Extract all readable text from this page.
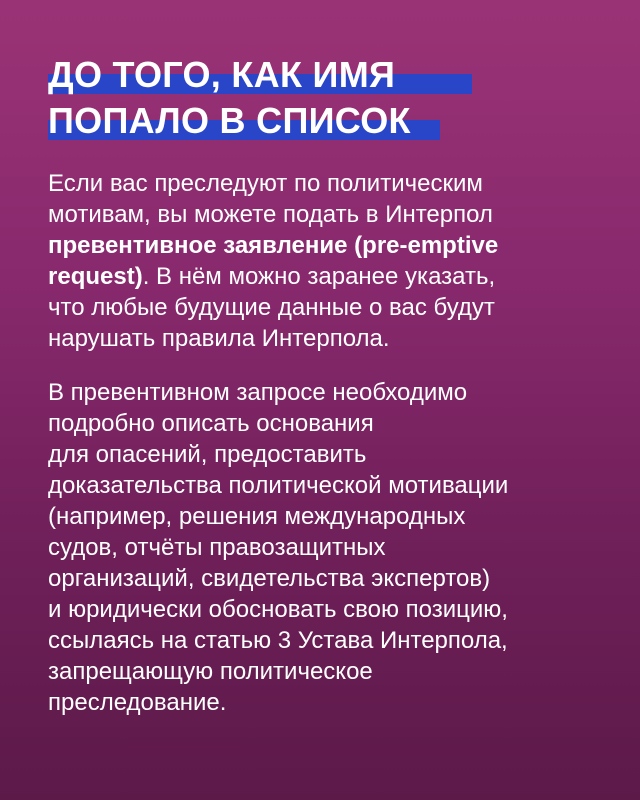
ДО ТОГО, КАК ИМЯ
ПОПАЛО В СПИСОК

Если вас преследуют по политическим
мотивам, вы можете подать в Интерпол
превентивное заявление (pre-emptive
request). В нём можно заранее указать,
что любые будущие данные о вас будут
нарушать правила Интерпола.

В превентивном запросе необходимо
подробно описать основания
для опасений, предоставить
доказательства политической мотивации
(например, решения международных
судов, отчёты правозащитных
организаций, свидетельства экспертов)
и юридически обосновать свою позицию,
ссылаясь на статью 3 Устава Интерпола,
запрещающую политическое
преследование.
